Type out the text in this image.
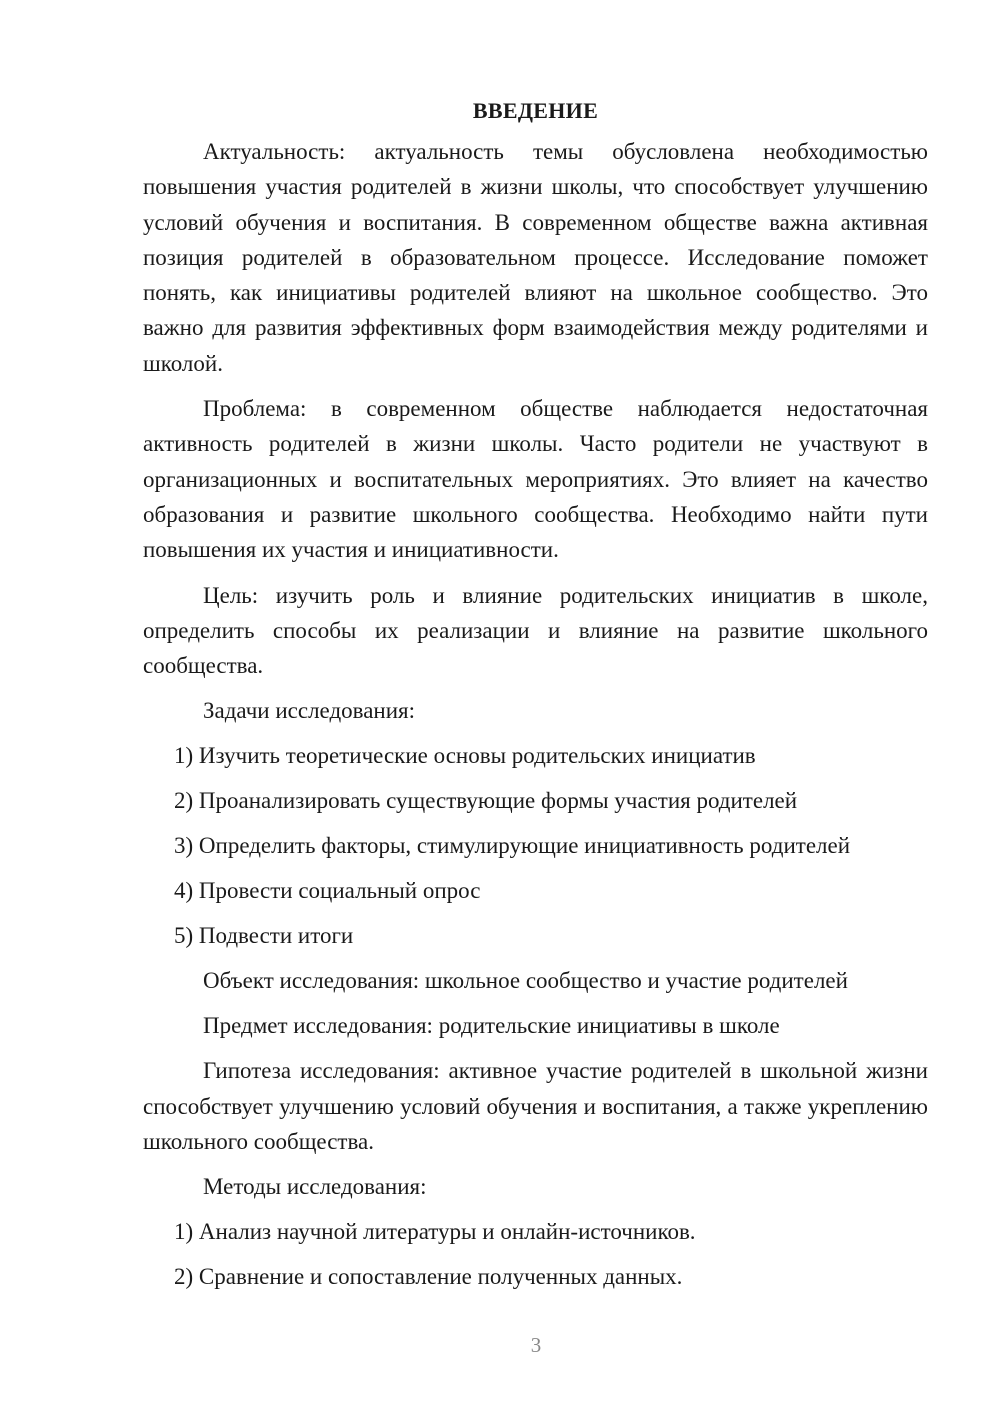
ВВЕДЕНИЕ

Актуальность: актуальность темы обусловлена необходимостью повышения участия родителей в жизни школы, что способствует улучшению условий обучения и воспитания. В современном обществе важна активная позиция родителей в образовательном процессе. Исследование поможет понять, как инициативы родителей влияют на школьное сообщество. Это важно для развития эффективных форм взаимодействия между родителями и школой.

Проблема: в современном обществе наблюдается недостаточная активность родителей в жизни школы. Часто родители не участвуют в организационных и воспитательных мероприятиях. Это влияет на качество образования и развитие школьного сообщества. Необходимо найти пути повышения их участия и инициативности.

Цель: изучить роль и влияние родительских инициатив в школе, определить способы их реализации и влияние на развитие школьного сообщества.

Задачи исследования:

1) Изучить теоретические основы родительских инициатив

2) Проанализировать существующие формы участия родителей

3) Определить факторы, стимулирующие инициативность родителей

4) Провести социальный опрос

5) Подвести итоги

Объект исследования: школьное сообщество и участие родителей

Предмет исследования: родительские инициативы в школе

Гипотеза исследования: активное участие родителей в школьной жизни способствует улучшению условий обучения и воспитания, а также укреплению школьного сообщества.

Методы исследования:

1) Анализ научной литературы и онлайн-источников.

2) Сравнение и сопоставление полученных данных.

3
